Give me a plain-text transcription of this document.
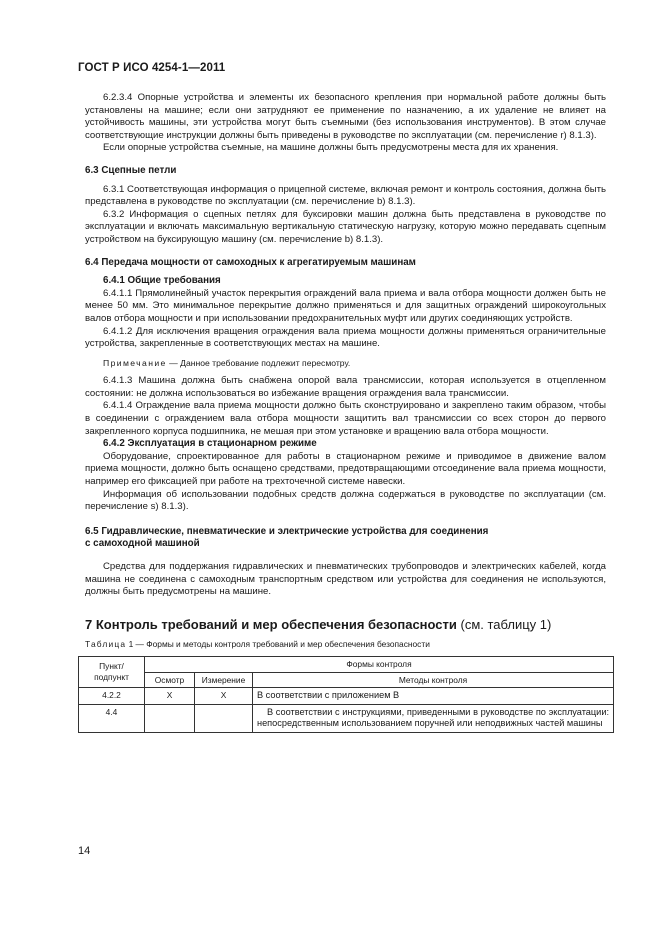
ГОСТ Р ИСО 4254-1—2011

6.2.3.4 Опорные устройства и элементы их безопасного крепления при нормальной работе должны быть установлены на машине; если они затрудняют ее применение по назначению, а их удаление не влияет на устойчивость машины, эти устройства могут быть съемными (без использования инструментов). В этом случае соответствующие инструкции должны быть приведены в руководстве по эксплуатации (см. перечисление r) 8.1.3).

Если опорные устройства съемные, на машине должны быть предусмотрены места для их хранения.

6.3 Сцепные петли

6.3.1 Соответствующая информация о прицепной системе, включая ремонт и контроль состояния, должна быть представлена в руководстве по эксплуатации (см. перечисление b) 8.1.3).

6.3.2 Информация о сцепных петлях для буксировки машин должна быть представлена в руководстве по эксплуатации и включать максимальную вертикальную статическую нагрузку, которую можно передавать сцепным устройством на буксирующую машину (см. перечисление b) 8.1.3).

6.4 Передача мощности от самоходных к агрегатируемым машинам
6.4.1 Общие требования

6.4.1.1 Прямолинейный участок перекрытия ограждений вала приема и вала отбора мощности должен быть не менее 50 мм. Это минимальное перекрытие должно применяться и для защитных ограждений широкоугольных валов отбора мощности и при использовании предохранительных муфт или других соединяющих устройств.

6.4.1.2 Для исключения вращения ограждения вала приема мощности должны применяться ограничительные устройства, закрепленные в соответствующих местах на машине.

Примечание — Данное требование подлежит пересмотру.

6.4.1.3 Машина должна быть снабжена опорой вала трансмиссии, которая используется в отцепленном состоянии: не должна использоваться во избежание вращения ограждения вала трансмиссии.

6.4.1.4 Ограждение вала приема мощности должно быть сконструировано и закреплено таким образом, чтобы в соединении с ограждением вала отбора мощности защитить вал трансмиссии со всех сторон до первого закрепленного корпуса подшипника, не мешая при этом установке и вращению вала отбора мощности.

6.4.2 Эксплуатация в стационарном режиме

Оборудование, спроектированное для работы в стационарном режиме и приводимое в движение валом приема мощности, должно быть оснащено средствами, предотвращающими отсоединение вала приема мощности, например его фиксацией при работе на трехточечной системе навески.

Информация об использовании подобных средств должна содержаться в руководстве по эксплуатации (см. перечисление s) 8.1.3).

6.5 Гидравлические, пневматические и электрические устройства для соединения
с самоходной машиной

Средства для поддержания гидравлических и пневматических трубопроводов и электрических кабелей, когда машина не соединена с самоходным транспортным средством или устройства для соединения не используются, должны быть предусмотрены на машине.

7 Контроль требований и мер обеспечения безопасности (см. таблицу 1)

Таблица 1 — Формы и методы контроля требований и мер обеспечения безопасности

Пункт/ подпункт	Формы контроля		
	Осмотр	Измерение	Методы контроля
4.2.2	X	X	В соответствии с приложением В
4.4			В соответствии с инструкциями, приведенными в руководстве по эксплуатации: непосредственным использованием поручней или неподвижных частей машины
14
